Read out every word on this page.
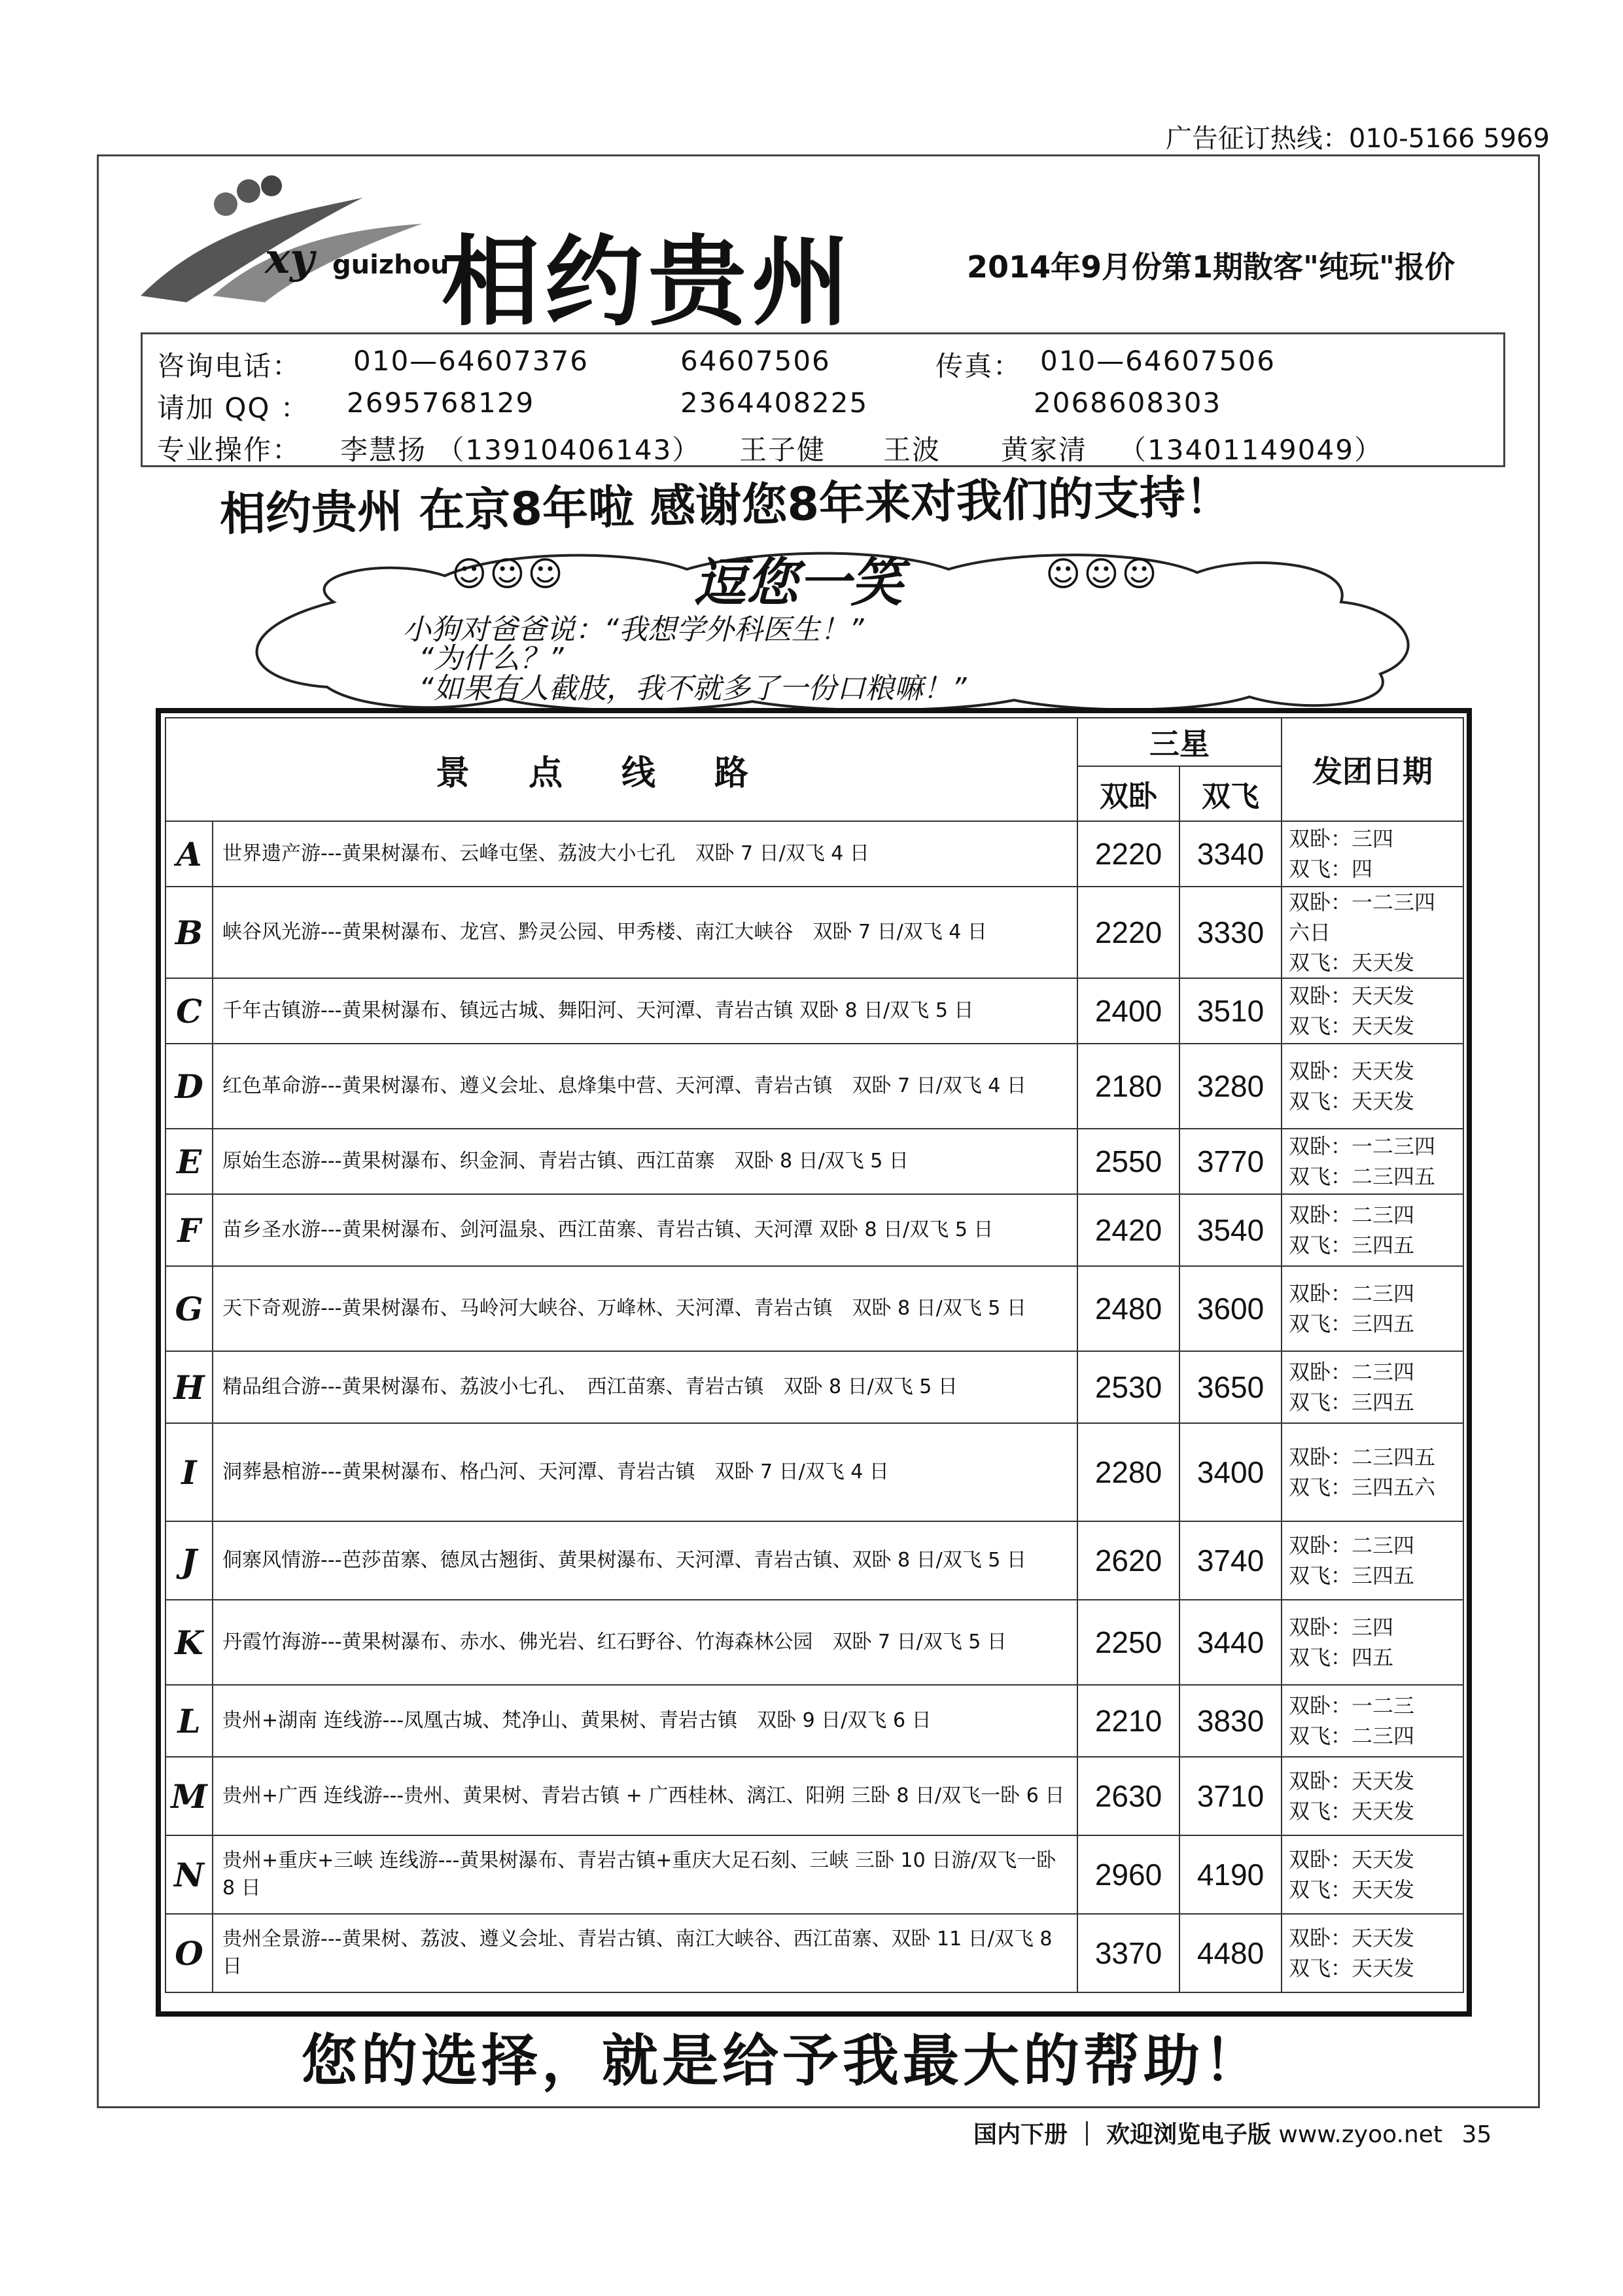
广告征订热线：010-5166 5969
xy guizhou
相约贵州	2014年9月份第1期散客"纯玩"报价
咨询电话： 010—64607376	64607506	传真： 010—64607506
请加 QQ ： 2695768129	2364408225	2068608303
专业操作： 李慧扬 （13910406143） 王子健 王波 黄家清 （13401149049）
相约贵州 在京8年啦 感谢您8年来对我们的支持！
☺☺☺	☺☺☺
逗您一笑
小狗对爸爸说：“我想学外科医生！”
“为什么？”
“如果有人截肢，我不就多了一份口粮嘛！”
景点线路		三星		发团日期
		双卧	双飞	
A	世界遗产游---黄果树瀑布、云峰屯堡、荔波大小七孔　双卧 7 日/双飞 4 日	2220	3340	双卧：三四
双飞：四

B	峡谷风光游---黄果树瀑布、龙宫、黔灵公园、甲秀楼、南江大峡谷　双卧 7 日/双飞 4 日	2220	3330	双卧：一二三四
六日
双飞：天天发

C	千年古镇游---黄果树瀑布、镇远古城、舞阳河、天河潭、青岩古镇 双卧 8 日/双飞 5 日	2400	3510	双卧：天天发
双飞：天天发

D	红色革命游---黄果树瀑布、遵义会址、息烽集中营、天河潭、青岩古镇　双卧 7 日/双飞 4 日	2180	3280	双卧：天天发
双飞：天天发

E	原始生态游---黄果树瀑布、织金洞、青岩古镇、西江苗寨　双卧 8 日/双飞 5 日	2550	3770	双卧：一二三四
双飞：二三四五

F	苗乡圣水游---黄果树瀑布、剑河温泉、西江苗寨、青岩古镇、天河潭 双卧 8 日/双飞 5 日	2420	3540	双卧：二三四
双飞：三四五

G	天下奇观游---黄果树瀑布、马岭河大峡谷、万峰林、天河潭、青岩古镇　双卧 8 日/双飞 5 日	2480	3600	双卧：二三四
双飞：三四五

H	精品组合游---黄果树瀑布、荔波小七孔、　西江苗寨、青岩古镇　双卧 8 日/双飞 5 日	2530	3650	双卧：二三四
双飞：三四五

I	洞葬悬棺游---黄果树瀑布、格凸河、天河潭、青岩古镇　双卧 7 日/双飞 4 日	2280	3400	双卧：二三四五
双飞：三四五六

J	侗寨风情游---芭莎苗寨、德凤古翘街、黄果树瀑布、天河潭、青岩古镇、双卧 8 日/双飞 5 日	2620	3740	双卧：二三四
双飞：三四五

K	丹霞竹海游---黄果树瀑布、赤水、佛光岩、红石野谷、竹海森林公园　双卧 7 日/双飞 5 日	2250	3440	双卧：三四
双飞：四五

L	贵州+湖南 连线游---凤凰古城、梵净山、黄果树、青岩古镇　双卧 9 日/双飞 6 日	2210	3830	双卧：一二三
双飞：二三四

M	贵州+广西 连线游---贵州、黄果树、青岩古镇 + 广西桂林、漓江、阳朔 三卧 8 日/双飞一卧 6 日	2630	3710	双卧：天天发
双飞：天天发

N	贵州+重庆+三峡 连线游---黄果树瀑布、青岩古镇+重庆大足石刻、三峡 三卧 10 日游/双飞一卧 8 日	2960	4190	双卧：天天发
双飞：天天发

O	贵州全景游---黄果树、荔波、遵义会址、青岩古镇、南江大峡谷、西江苗寨、双卧 11 日/双飞 8 日	3370	4480	双卧：天天发
双飞：天天发
您的选择，就是给予我最大的帮助！
国内下册 ｜ 欢迎浏览电子版 www.zyoo.net 35
